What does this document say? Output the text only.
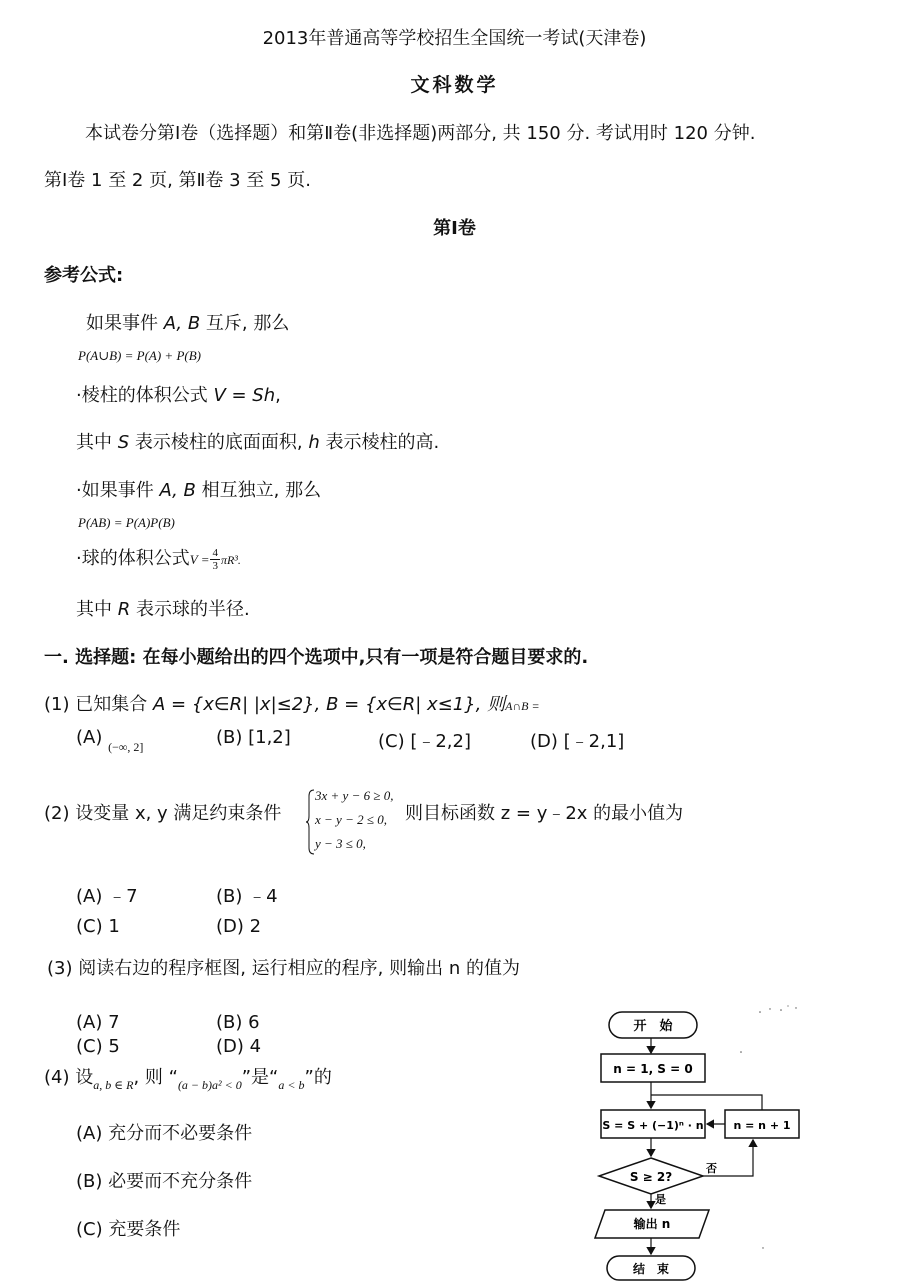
2013年普通高等学校招生全国统一考试(天津卷)
文科数学
本试卷分第Ⅰ卷（选择题）和第Ⅱ卷(非选择题)两部分, 共 150 分. 考试用时 120 分钟.
第Ⅰ卷 1 至 2 页, 第Ⅱ卷 3 至 5 页.
第Ⅰ卷
参考公式:
如果事件 A, B 互斥, 那么
P(A∪B) = P(A) + P(B)
·棱柱的体积公式 V = Sh,
其中 S 表示棱柱的底面面积, h 表示棱柱的高.
·如果事件 A, B 相互独立, 那么
P(AB) = P(A)P(B)
·球的体积公式$V = \frac{4}{3} \pi R^3$.
其中 R 表示球的半径.
一. 选择题: 在每小题给出的四个选项中,只有一项是符合题目要求的.
(1) 已知集合 A = {x∈R| |x|≤2}, B = {x∈R| x≤1}, 则A∩B =
(A) $_{(-\infty, 2]}$	(B) [1,2]	(C) [﹣2,2]	(D) [﹣2,1]
(2) 设变量 x, y 满足约束条件
3x + y − 6 ≥ 0,
x − y − 2 ≤ 0,
y − 3 ≤ 0,
则目标函数 z = y﹣2x 的最小值为
(A) ﹣7	(B) ﹣4
(C) 1	(D) 2
(3) 阅读右边的程序框图, 运行相应的程序, 则输出 n 的值为
(A) 7	(B) 6
(C) 5	(D) 4
(4) 设$_{a, b \in R}$, 则 “$_{(a - b)a^2 < 0}$”是“$_{a < b}$”的
(A) 充分而不必要条件
(B) 必要而不充分条件
(C) 充要条件
开　始
n = 1, S = 0
S = S + (−1)ⁿ · n	n = n + 1
S ≥ 2?
否
是
输出 n
结　束
